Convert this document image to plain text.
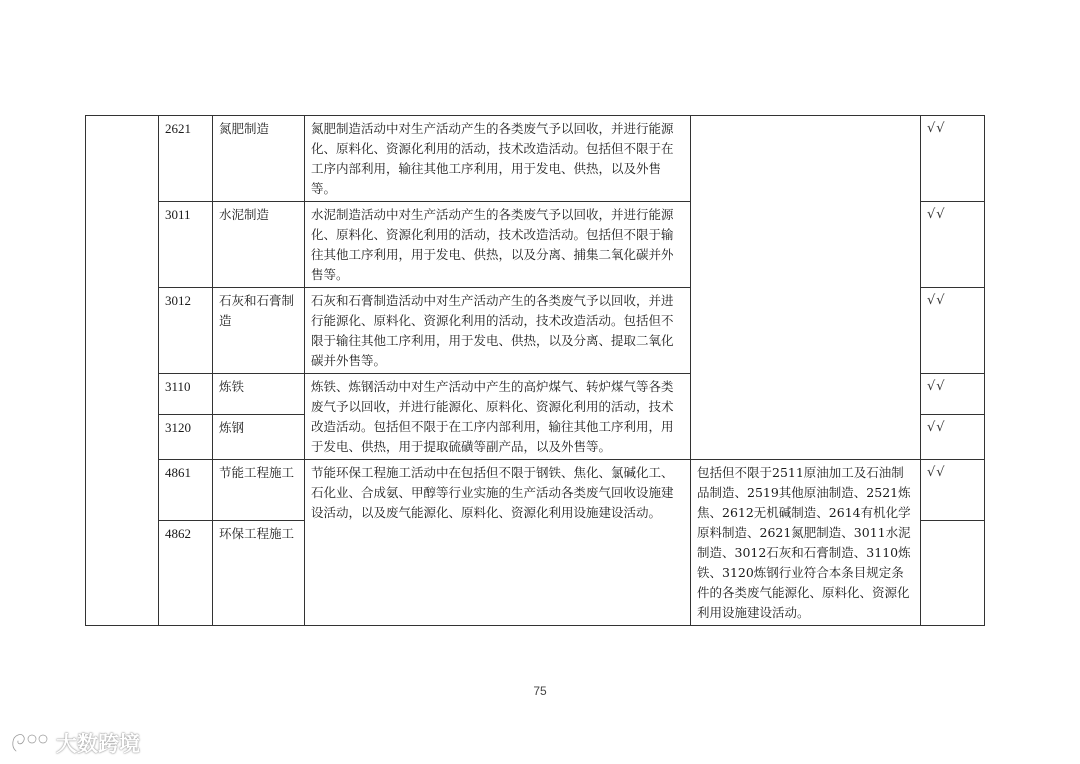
	2621	氮肥制造	氮肥制造活动中对生产活动产生的各类废气予以回收，并进行能源化、原料化、资源化利用的活动，技术改造活动。包括但不限于在工序内部利用，输往其他工序利用，用于发电、供热，以及外售等。		√√
	3011	水泥制造	水泥制造活动中对生产活动产生的各类废气予以回收，并进行能源化、原料化、资源化利用的活动，技术改造活动。包括但不限于输往其他工序利用，用于发电、供热，以及分离、捕集二氧化碳并外售等。		√√
	3012	石灰和石膏制造	石灰和石膏制造活动中对生产活动产生的各类废气予以回收，并进行能源化、原料化、资源化利用的活动，技术改造活动。包括但不限于输往其他工序利用，用于发电、供热，以及分离、提取二氧化碳并外售等。		√√
	3110	炼铁	炼铁、炼钢活动中对生产活动中产生的高炉煤气、转炉煤气等各类废气予以回收，并进行能源化、原料化、资源化利用的活动，技术改造活动。包括但不限于在工序内部利用，输往其他工序利用，用于发电、供热，用于提取硫磺等副产品，以及外售等。		√√
	3120	炼钢			√√
	4861	节能工程施工	节能环保工程施工活动中在包括但不限于钢铁、焦化、氯碱化工、石化业、合成氨、甲醇等行业实施的生产活动各类废气回收设施建设活动，以及废气能源化、原料化、资源化利用设施建设活动。	包括但不限于2511原油加工及石油制品制造、2519其他原油制造、2521炼焦、2612无机碱制造、2614有机化学原料制造、2621氮肥制造、3011水泥制造、3012石灰和石膏制造、3110炼铁、3120炼钢行业符合本条目规定条件的各类废气能源化、原料化、资源化利用设施建设活动。	√√
	4862	环保工程施工			
75
大数跨境
